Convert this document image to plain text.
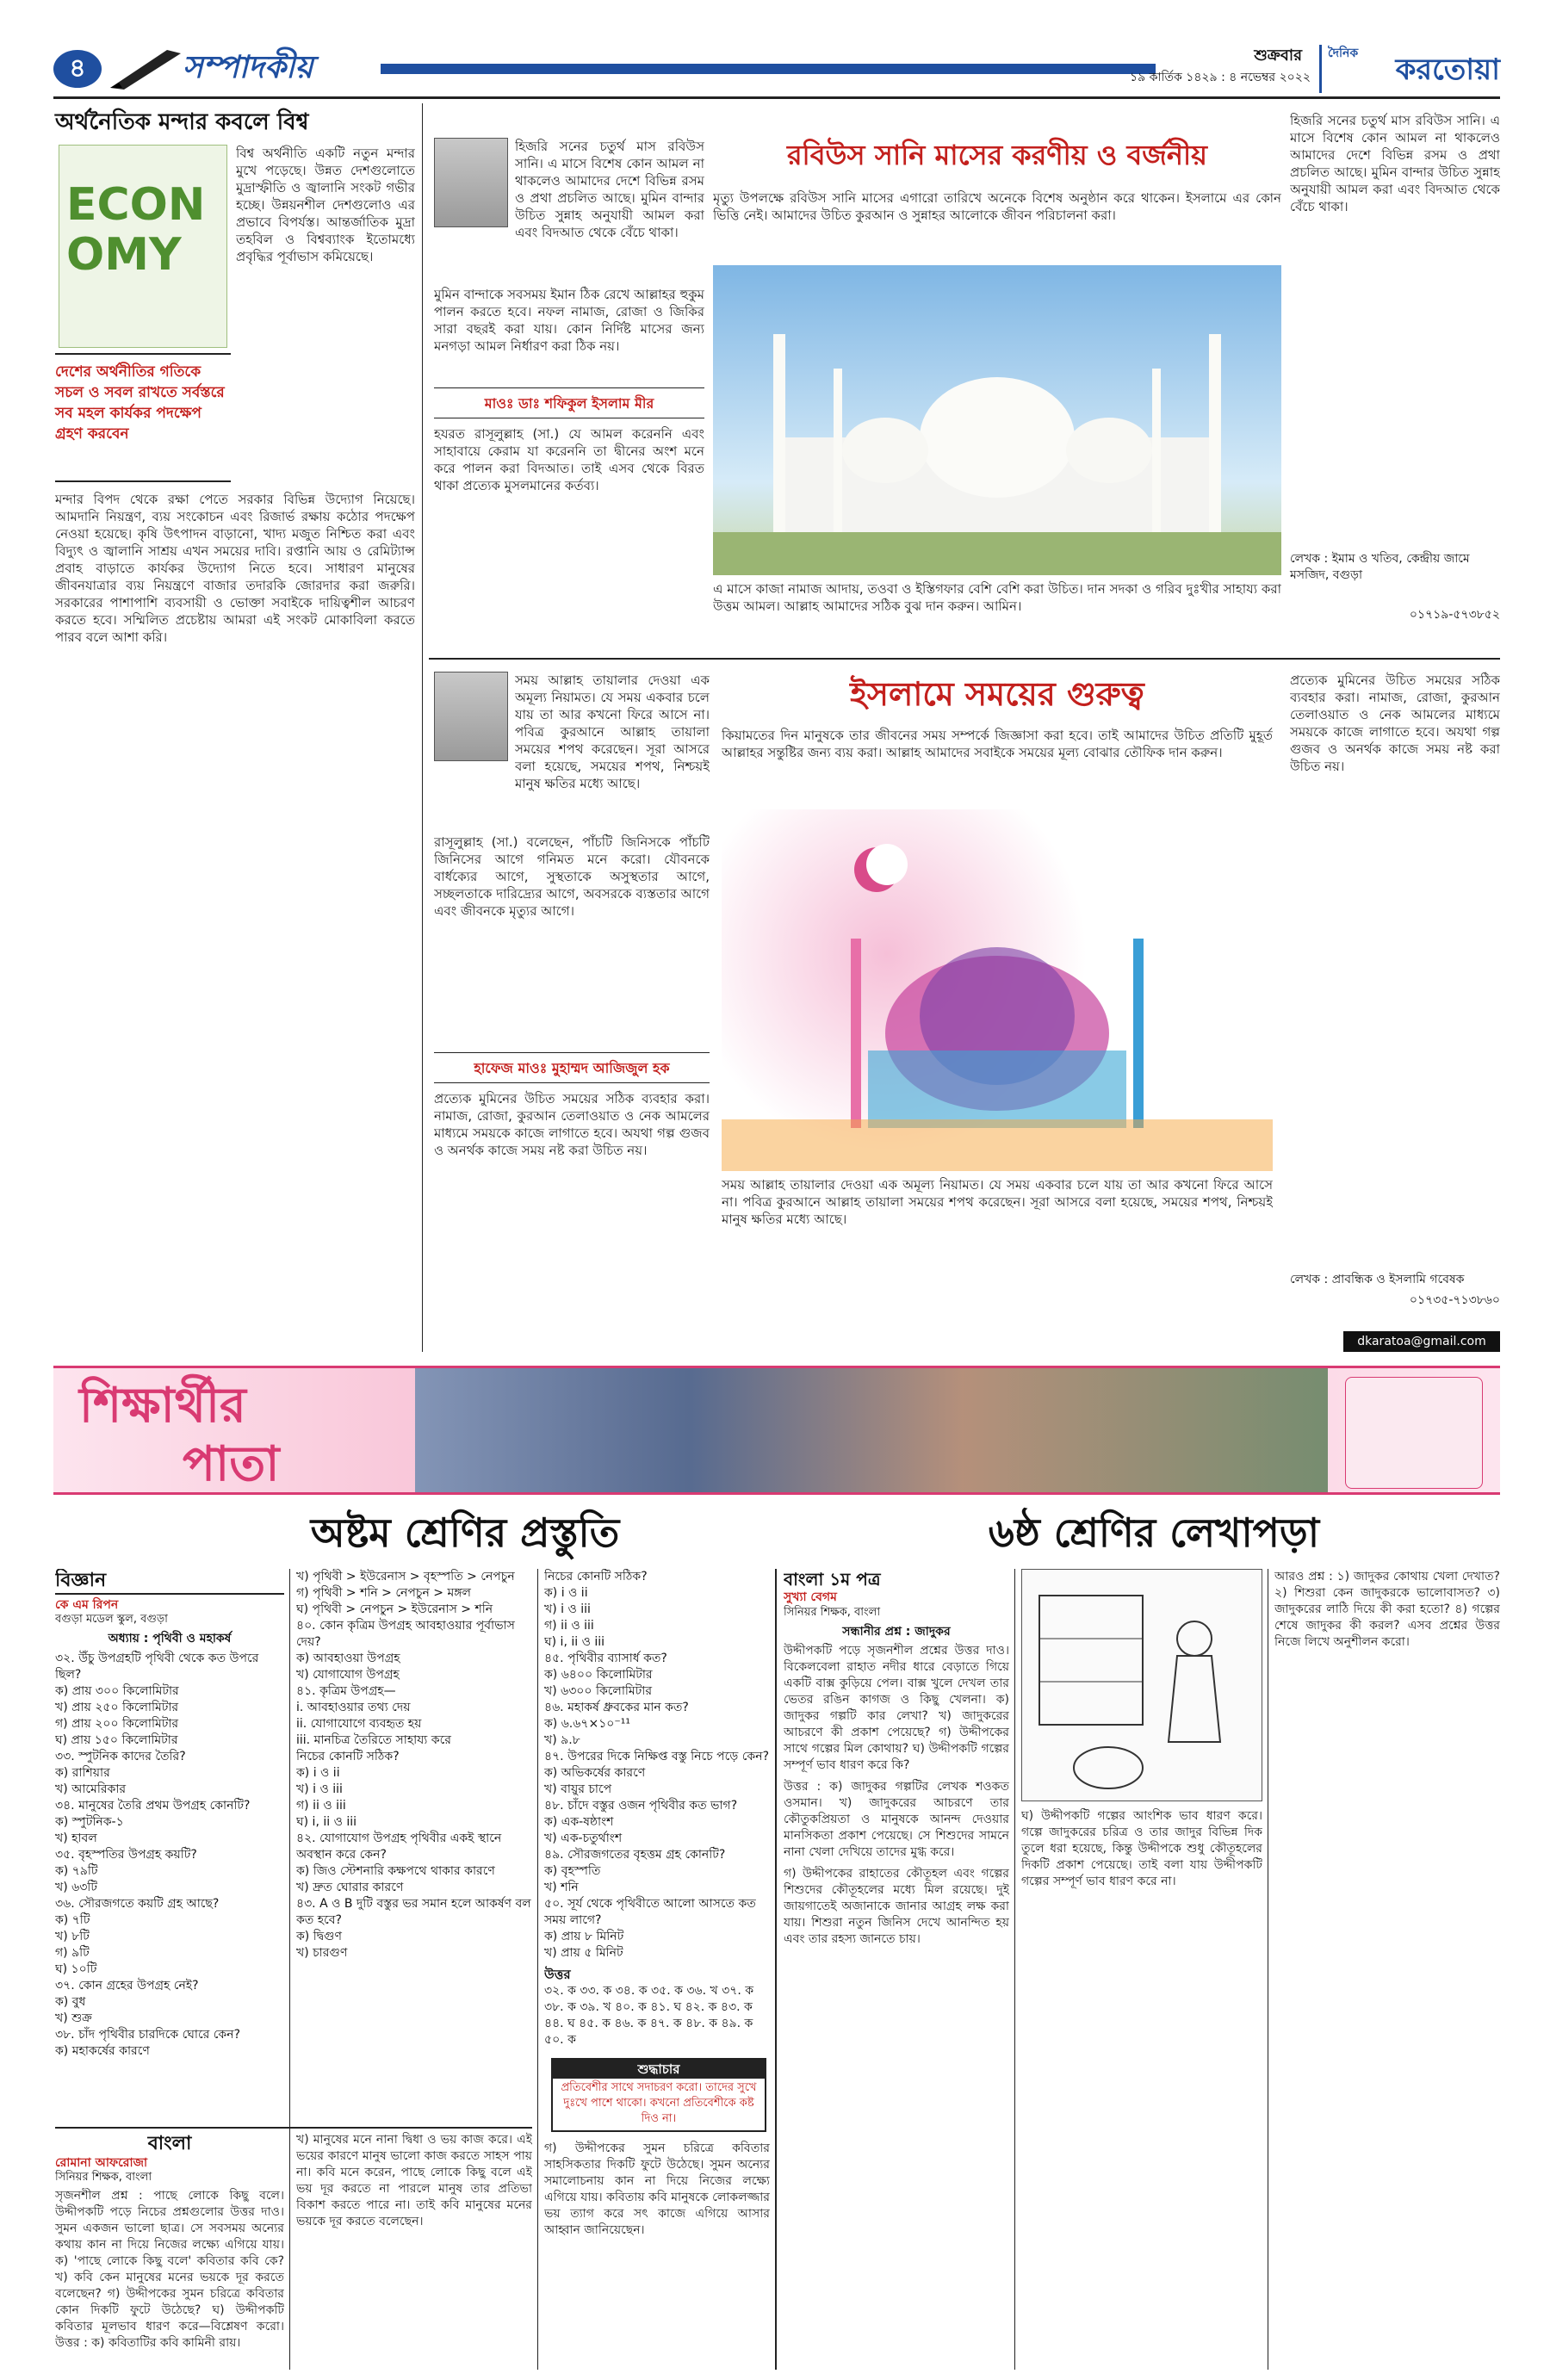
৪	সম্পাদকীয়	শুক্রবার
১৯ কার্তিক ১৪২৯ : ৪ নভেম্বর ২০২২
দৈনিক	করতোয়া
অর্থনৈতিক মন্দার কবলে বিশ্ব
ECONOMY
বিশ্ব অর্থনীতি একটি নতুন মন্দার মুখে পড়েছে। উন্নত দেশগুলোতে মুদ্রাস্ফীতি ও জ্বালানি সংকট গভীর হচ্ছে। উন্নয়নশীল দেশগুলোও এর প্রভাবে বিপর্যস্ত। আন্তর্জাতিক মুদ্রা তহবিল ও বিশ্বব্যাংক ইতোমধ্যে প্রবৃদ্ধির পূর্বাভাস কমিয়েছে।
দেশের অর্থনীতির গতিকে সচল ও সবল রাখতে সর্বস্তরে সব মহল কার্যকর পদক্ষেপ গ্রহণ করবেন
মন্দার বিপদ থেকে রক্ষা পেতে সরকার বিভিন্ন উদ্যোগ নিয়েছে। আমদানি নিয়ন্ত্রণ, ব্যয় সংকোচন এবং রিজার্ভ রক্ষায় কঠোর পদক্ষেপ নেওয়া হয়েছে। কৃষি উৎপাদন বাড়ানো, খাদ্য মজুত নিশ্চিত করা এবং বিদ্যুৎ ও জ্বালানি সাশ্রয় এখন সময়ের দাবি। রপ্তানি আয় ও রেমিট্যান্স প্রবাহ বাড়াতে কার্যকর উদ্যোগ নিতে হবে। সাধারণ মানুষের জীবনযাত্রার ব্যয় নিয়ন্ত্রণে বাজার তদারকি জোরদার করা জরুরি। সরকারের পাশাপাশি ব্যবসায়ী ও ভোক্তা সবাইকে দায়িত্বশীল আচরণ করতে হবে। সম্মিলিত প্রচেষ্টায় আমরা এই সংকট মোকাবিলা করতে পারব বলে আশা করি।
হিজরি সনের চতুর্থ মাস রবিউস সানি। এ মাসে বিশেষ কোন আমল না থাকলেও আমাদের দেশে বিভিন্ন রসম ও প্রথা প্রচলিত আছে। মুমিন বান্দার উচিত সুন্নাহ অনুযায়ী আমল করা এবং বিদআত থেকে বেঁচে থাকা।
রবিউস সানি মাসের করণীয় ও বর্জনীয়
মাওঃ ডাঃ শফিকুল ইসলাম মীর
মুমিন বান্দাকে সবসময় ইমান ঠিক রেখে আল্লাহর হুকুম পালন করতে হবে। নফল নামাজ, রোজা ও জিকির সারা বছরই করা যায়। কোন নির্দিষ্ট মাসের জন্য মনগড়া আমল নির্ধারণ করা ঠিক নয়।
হযরত রাসূলুল্লাহ (সা.) যে আমল করেননি এবং সাহাবায়ে কেরাম যা করেননি তা দ্বীনের অংশ মনে করে পালন করা বিদআত। তাই এসব থেকে বিরত থাকা প্রত্যেক মুসলমানের কর্তব্য।
মৃত্যু উপলক্ষে রবিউস সানি মাসের এগারো তারিখে অনেকে বিশেষ অনুষ্ঠান করে থাকেন। ইসলামে এর কোন ভিত্তি নেই। আমাদের উচিত কুরআন ও সুন্নাহর আলোকে জীবন পরিচালনা করা।
এ মাসে কাজা নামাজ আদায়, তওবা ও ইস্তিগফার বেশি বেশি করা উচিত। দান সদকা ও গরিব দুঃখীর সাহায্য করা উত্তম আমল। আল্লাহ আমাদের সঠিক বুঝ দান করুন। আমিন।
হিজরি সনের চতুর্থ মাস রবিউস সানি। এ মাসে বিশেষ কোন আমল না থাকলেও আমাদের দেশে বিভিন্ন রসম ও প্রথা প্রচলিত আছে। মুমিন বান্দার উচিত সুন্নাহ অনুযায়ী আমল করা এবং বিদআত থেকে বেঁচে থাকা।
লেখক : ইমাম ও খতিব, কেন্দ্রীয় জামে মসজিদ, বগুড়া
০১৭১৯-৫৭৩৮৫২
সময় আল্লাহ তায়ালার দেওয়া এক অমূল্য নিয়ামত। যে সময় একবার চলে যায় তা আর কখনো ফিরে আসে না। পবিত্র কুরআনে আল্লাহ তায়ালা সময়ের শপথ করেছেন। সূরা আসরে বলা হয়েছে, সময়ের শপথ, নিশ্চয়ই মানুষ ক্ষতির মধ্যে আছে।
ইসলামে সময়ের গুরুত্ব
রাসূলুল্লাহ (সা.) বলেছেন, পাঁচটি জিনিসকে পাঁচটি জিনিসের আগে গনিমত মনে করো। যৌবনকে বার্ধক্যের আগে, সুস্থতাকে অসুস্থতার আগে, সচ্ছলতাকে দারিদ্র্যের আগে, অবসরকে ব্যস্ততার আগে এবং জীবনকে মৃত্যুর আগে।
হাফেজ মাওঃ মুহাম্মদ আজিজুল হক
প্রত্যেক মুমিনের উচিত সময়ের সঠিক ব্যবহার করা। নামাজ, রোজা, কুরআন তেলাওয়াত ও নেক আমলের মাধ্যমে সময়কে কাজে লাগাতে হবে। অযথা গল্প গুজব ও অনর্থক কাজে সময় নষ্ট করা উচিত নয়।
কিয়ামতের দিন মানুষকে তার জীবনের সময় সম্পর্কে জিজ্ঞাসা করা হবে। তাই আমাদের উচিত প্রতিটি মুহূর্ত আল্লাহর সন্তুষ্টির জন্য ব্যয় করা। আল্লাহ আমাদের সবাইকে সময়ের মূল্য বোঝার তৌফিক দান করুন।
সময় আল্লাহ তায়ালার দেওয়া এক অমূল্য নিয়ামত। যে সময় একবার চলে যায় তা আর কখনো ফিরে আসে না। পবিত্র কুরআনে আল্লাহ তায়ালা সময়ের শপথ করেছেন। সূরা আসরে বলা হয়েছে, সময়ের শপথ, নিশ্চয়ই মানুষ ক্ষতির মধ্যে আছে।
প্রত্যেক মুমিনের উচিত সময়ের সঠিক ব্যবহার করা। নামাজ, রোজা, কুরআন তেলাওয়াত ও নেক আমলের মাধ্যমে সময়কে কাজে লাগাতে হবে। অযথা গল্প গুজব ও অনর্থক কাজে সময় নষ্ট করা উচিত নয়।
লেখক : প্রাবন্ধিক ও ইসলামি গবেষক
০১৭৩৫-৭১৩৮৬০
dkaratoa@gmail.com
শিক্ষার্থীর
পাতা
অষ্টম শ্রেণির প্রস্তুতি	৬ষ্ঠ শ্রেণির লেখাপড়া
বিজ্ঞান
কে এম রিপন
বগুড়া মডেল স্কুল, বগুড়া
অধ্যায় : পৃথিবী ও মহাকর্ষ

৩২. উঁচু উপগ্রহটি পৃথিবী থেকে কত উপরে ছিল?

ক) প্রায় ৩০০ কিলোমিটার

খ) প্রায় ২৫০ কিলোমিটার

গ) প্রায় ২০০ কিলোমিটার

ঘ) প্রায় ১৫০ কিলোমিটার

৩৩. স্পুটনিক কাদের তৈরি?

ক) রাশিয়ার

খ) আমেরিকার

৩৪. মানুষের তৈরি প্রথম উপগ্রহ কোনটি?

ক) স্পুটনিক-১

খ) হাবল

৩৫. বৃহস্পতির উপগ্রহ কয়টি?

ক) ৭৯টি

খ) ৬৩টি

৩৬. সৌরজগতে কয়টি গ্রহ আছে?

ক) ৭টি

খ) ৮টি

গ) ৯টি

ঘ) ১০টি

৩৭. কোন গ্রহের উপগ্রহ নেই?

ক) বুধ

খ) শুক্র

৩৮. চাঁদ পৃথিবীর চারদিকে ঘোরে কেন?

ক) মহাকর্ষের কারণে

খ) পৃথিবী > ইউরেনাস > বৃহস্পতি > নেপচুন

গ) পৃথিবী > শনি > নেপচুন > মঙ্গল

ঘ) পৃথিবী > নেপচুন > ইউরেনাস > শনি

৪০. কোন কৃত্রিম উপগ্রহ আবহাওয়ার পূর্বাভাস দেয়?

ক) আবহাওয়া উপগ্রহ

খ) যোগাযোগ উপগ্রহ

৪১. কৃত্রিম উপগ্রহ—

i. আবহাওয়ার তথ্য দেয়

ii. যোগাযোগে ব্যবহৃত হয়

iii. মানচিত্র তৈরিতে সাহায্য করে

নিচের কোনটি সঠিক?

ক) i ও ii

খ) i ও iii

গ) ii ও iii

ঘ) i, ii ও iii

৪২. যোগাযোগ উপগ্রহ পৃথিবীর একই স্থানে অবস্থান করে কেন?

ক) জিও স্টেশনারি কক্ষপথে থাকার কারণে

খ) দ্রুত ঘোরার কারণে

৪৩. A ও B দুটি বস্তুর ভর সমান হলে আকর্ষণ বল কত হবে?

ক) দ্বিগুণ

খ) চারগুণ

নিচের কোনটি সঠিক?

ক) i ও ii

খ) i ও iii

গ) ii ও iii

ঘ) i, ii ও iii

৪৫. পৃথিবীর ব্যাসার্ধ কত?

ক) ৬৪০০ কিলোমিটার

খ) ৬৩০০ কিলোমিটার

৪৬. মহাকর্ষ ধ্রুবকের মান কত?

ক) ৬.৬৭×১০⁻¹¹

খ) ৯.৮

৪৭. উপরের দিকে নিক্ষিপ্ত বস্তু নিচে পড়ে কেন?

ক) অভিকর্ষের কারণে

খ) বায়ুর চাপে

৪৮. চাঁদে বস্তুর ওজন পৃথিবীর কত ভাগ?

ক) এক-ষষ্ঠাংশ

খ) এক-চতুর্থাংশ

৪৯. সৌরজগতের বৃহত্তম গ্রহ কোনটি?

ক) বৃহস্পতি

খ) শনি

৫০. সূর্য থেকে পৃথিবীতে আলো আসতে কত সময় লাগে?

ক) প্রায় ৮ মিনিট

খ) প্রায় ৫ মিনিট

উত্তর
৩২. ক ৩৩. ক ৩৪. ক ৩৫. ক ৩৬. খ ৩৭. ক ৩৮. ক ৩৯. খ ৪০. ক ৪১. ঘ ৪২. ক ৪৩. ক ৪৪. ঘ ৪৫. ক ৪৬. ক ৪৭. ক ৪৮. ক ৪৯. ক ৫০. ক
শুদ্ধাচার
প্রতিবেশীর সাথে সদাচরণ করো। তাদের সুখে দুঃখে পাশে থাকো। কখনো প্রতিবেশীকে কষ্ট দিও না।
বাংলা
রোমানা আফরোজা
সিনিয়র শিক্ষক, বাংলা
সৃজনশীল প্রশ্ন : পাছে লোকে কিছু বলে। উদ্দীপকটি পড়ে নিচের প্রশ্নগুলোর উত্তর দাও। সুমন একজন ভালো ছাত্র। সে সবসময় অন্যের কথায় কান না দিয়ে নিজের লক্ষ্যে এগিয়ে যায়। ক) 'পাছে লোকে কিছু বলে' কবিতার কবি কে? খ) কবি কেন মানুষের মনের ভয়কে দূর করতে বলেছেন? গ) উদ্দীপকের সুমন চরিত্রে কবিতার কোন দিকটি ফুটে উঠেছে? ঘ) উদ্দীপকটি কবিতার মূলভাব ধারণ করে—বিশ্লেষণ করো। উত্তর : ক) কবিতাটির কবি কামিনী রায়।
খ) মানুষের মনে নানা দ্বিধা ও ভয় কাজ করে। এই ভয়ের কারণে মানুষ ভালো কাজ করতে সাহস পায় না। কবি মনে করেন, পাছে লোকে কিছু বলে এই ভয় দূর করতে না পারলে মানুষ তার প্রতিভা বিকাশ করতে পারে না। তাই কবি মানুষের মনের ভয়কে দূর করতে বলেছেন।
গ) উদ্দীপকের সুমন চরিত্রে কবিতার সাহসিকতার দিকটি ফুটে উঠেছে। সুমন অন্যের সমালোচনায় কান না দিয়ে নিজের লক্ষ্যে এগিয়ে যায়। কবিতায় কবি মানুষকে লোকলজ্জার ভয় ত্যাগ করে সৎ কাজে এগিয়ে আসার আহ্বান জানিয়েছেন।
বাংলা ১ম পত্র
সুখ্যা বেগম
সিনিয়র শিক্ষক, বাংলা
সন্ধানীর প্রশ্ন : জাদুকর
উদ্দীপকটি পড়ে সৃজনশীল প্রশ্নের উত্তর দাও। বিকেলবেলা রাহাত নদীর ধারে বেড়াতে গিয়ে একটি বাক্স কুড়িয়ে পেল। বাক্স খুলে দেখল তার ভেতর রঙিন কাগজ ও কিছু খেলনা। ক) জাদুকর গল্পটি কার লেখা? খ) জাদুকরের আচরণে কী প্রকাশ পেয়েছে? গ) উদ্দীপকের সাথে গল্পের মিল কোথায়? ঘ) উদ্দীপকটি গল্পের সম্পূর্ণ ভাব ধারণ করে কি?
উত্তর : ক) জাদুকর গল্পটির লেখক শওকত ওসমান। খ) জাদুকরের আচরণে তার কৌতুকপ্রিয়তা ও মানুষকে আনন্দ দেওয়ার মানসিকতা প্রকাশ পেয়েছে। সে শিশুদের সামনে নানা খেলা দেখিয়ে তাদের মুগ্ধ করে।
গ) উদ্দীপকের রাহাতের কৌতূহল এবং গল্পের শিশুদের কৌতূহলের মধ্যে মিল রয়েছে। দুই জায়গাতেই অজানাকে জানার আগ্রহ লক্ষ করা যায়। শিশুরা নতুন জিনিস দেখে আনন্দিত হয় এবং তার রহস্য জানতে চায়।
ঘ) উদ্দীপকটি গল্পের আংশিক ভাব ধারণ করে। গল্পে জাদুকরের চরিত্র ও তার জাদুর বিভিন্ন দিক তুলে ধরা হয়েছে, কিন্তু উদ্দীপকে শুধু কৌতূহলের দিকটি প্রকাশ পেয়েছে। তাই বলা যায় উদ্দীপকটি গল্পের সম্পূর্ণ ভাব ধারণ করে না।
আরও প্রশ্ন : ১) জাদুকর কোথায় খেলা দেখাত? ২) শিশুরা কেন জাদুকরকে ভালোবাসত? ৩) জাদুকরের লাঠি দিয়ে কী করা হতো? ৪) গল্পের শেষে জাদুকর কী করল? এসব প্রশ্নের উত্তর নিজে লিখে অনুশীলন করো।
